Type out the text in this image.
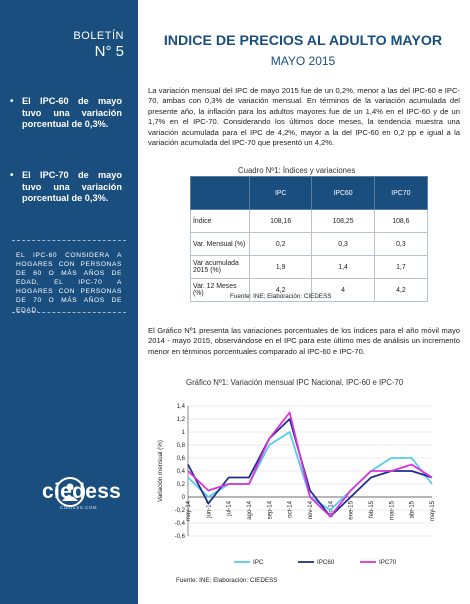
BOLETÍN
N° 5
• El IPC-60 de mayo tuvo una variación porcentual de 0,3%.
• El IPC-70 de mayo tuvo una variación porcentual de 0,3%.
EL IPC-60 CONSIDERA A HOGARES CON PERSONAS DE 60 O MÁS AÑOS DE EDAD, EL IPC-70 A HOGARES CON PERSONAS DE 70 O MÁS AÑOS DE EDAD.
ciedess
CIEDESS.COM
INDICE DE PRECIOS AL ADULTO MAYOR
MAYO 2015
La variación mensual del IPC de mayo 2015 fue de un 0,2%, menor a las del IPC-60 e IPC-70, ambas con 0,3% de variación mensual. En términos de la variación acumulada del presente año, la inflación para los adultos mayores fue de un 1,4% en el IPC-60 y de un 1,7% en el IPC-70. Considerando los últimos doce meses, la tendencia muestra una variación acumulada para el IPC de 4,2%, mayor a la del IPC-60 en 0,2 pp e igual a la variación acumulada del IPC-70 que presentó un 4,2%.
Cuadro Nº1: Índices y variaciones
	IPC	IPC60	IPC70
Índice	108,16	108,25	108,6
Var. Mensual (%)	0,2	0,3	0,3
Var acumulada 2015 (%)	1,9	1,4	1,7
Var. 12 Meses (%)	4,2	4	4,2
Fuente: INE; Elaboración: CIEDESS
El Gráfico Nº1 presenta las variaciones porcentuales de los índices para el año móvil mayo 2014 - mayo 2015, observándose en el IPC para este último mes de análisis un incremento menor en términos porcentuales comparado al IPC-60 e IPC-70.
Gráfico Nº1: Variación mensual IPC Nacional, IPC-60 e IPC-70
-0,6
-0,4
-0,2
0
0,2
0,4
0,6
0,8
1
1,2
1,4
may-14 jun-14 jul-14 ago-14 sep-14 oct-14 nov-14 dic-14 ene-15 feb-15 mar-15 abr-15 may-15
Variación mensual (%)
IPC	IPC60	IPC70
Fuente: INE; Elaboración: CIEDESS
